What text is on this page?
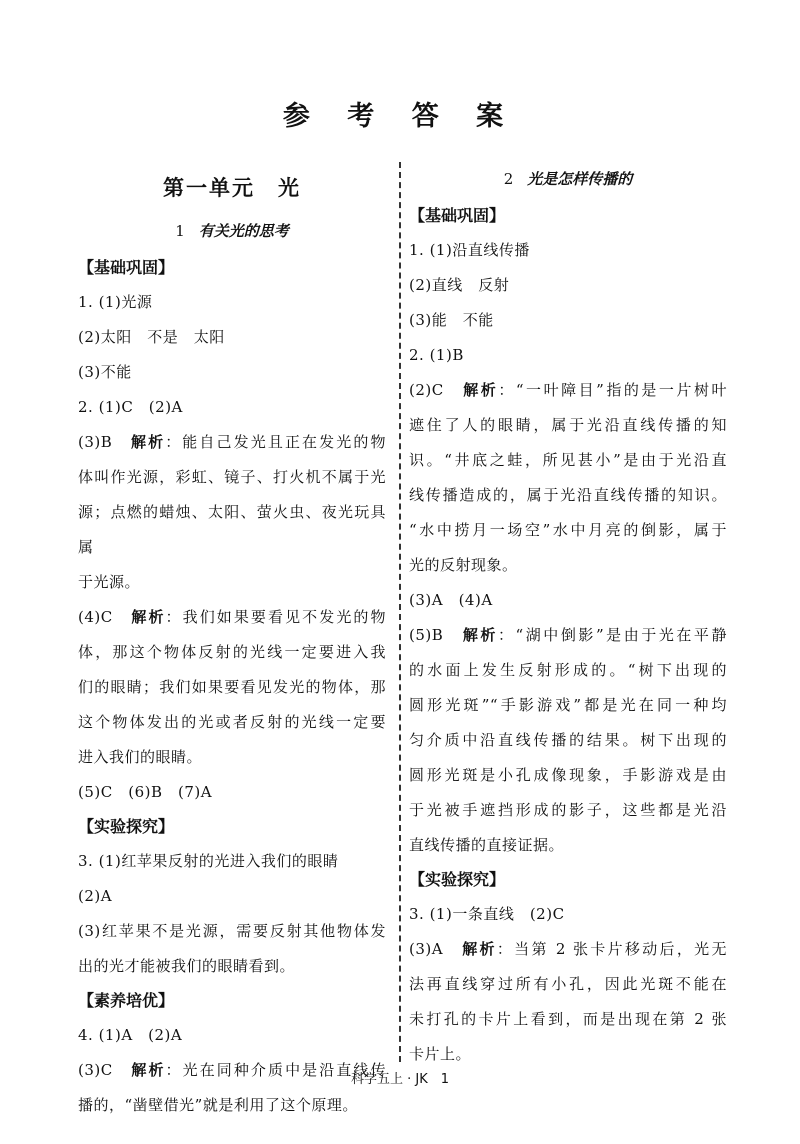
参 考 答 案
第一单元　光
1 有关光的思考
【基础巩固】
1. (1)光源
(2)太阳　不是　太阳
(3)不能
2. (1)C　(2)A
(3)B　解析：能自己发光且正在发光的物
体叫作光源，彩虹、镜子、打火机不属于光
源；点燃的蜡烛、太阳、萤火虫、夜光玩具属
于光源。
(4)C　解析：我们如果要看见不发光的物
体，那这个物体反射的光线一定要进入我
们的眼睛；我们如果要看见发光的物体，那
这个物体发出的光或者反射的光线一定要
进入我们的眼睛。
(5)C　(6)B　(7)A
【实验探究】
3. (1)红苹果反射的光进入我们的眼睛
(2)A
(3)红苹果不是光源，需要反射其他物体发
出的光才能被我们的眼睛看到。
【素养培优】
4. (1)A　(2)A
(3)C　解析：光在同种介质中是沿直线传
播的，“凿壁借光”就是利用了这个原理。
2 光是怎样传播的
【基础巩固】
1. (1)沿直线传播
(2)直线　反射
(3)能　不能
2. (1)B
(2)C　解析：“一叶障目”指的是一片树叶
遮住了人的眼睛，属于光沿直线传播的知
识。“井底之蛙，所见甚小”是由于光沿直
线传播造成的，属于光沿直线传播的知识。
“水中捞月一场空”水中月亮的倒影，属于
光的反射现象。
(3)A　(4)A
(5)B　解析：“湖中倒影”是由于光在平静
的水面上发生反射形成的。“树下出现的
圆形光斑”“手影游戏”都是光在同一种均
匀介质中沿直线传播的结果。树下出现的
圆形光斑是小孔成像现象，手影游戏是由
于光被手遮挡形成的影子，这些都是光沿
直线传播的直接证据。
【实验探究】
3. (1)一条直线　(2)C
(3)A　解析：当第 2 张卡片移动后，光无
法再直线穿过所有小孔，因此光斑不能在
未打孔的卡片上看到，而是出现在第 2 张
卡片上。
科学五上 · JK　1
